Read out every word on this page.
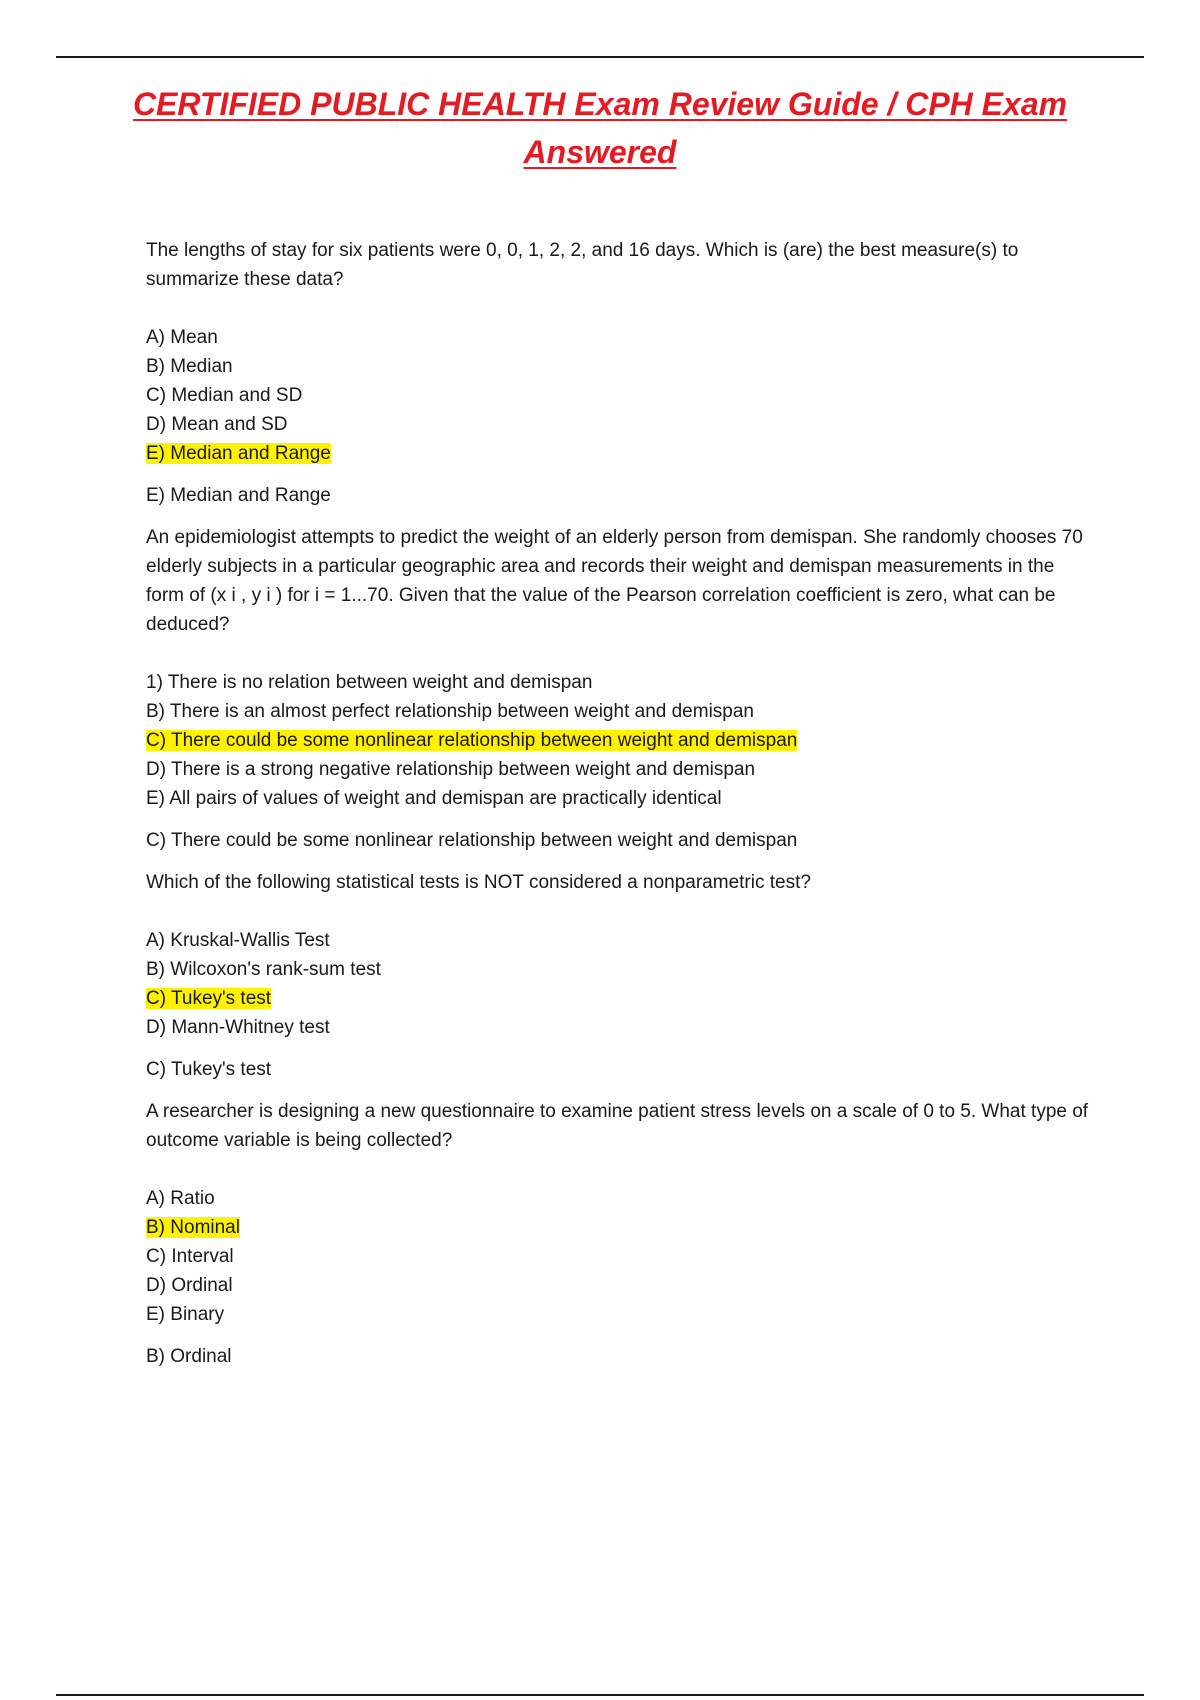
CERTIFIED PUBLIC HEALTH Exam Review Guide / CPH Exam Answered

The lengths of stay for six patients were 0, 0, 1, 2, 2, and 16 days. Which is (are) the best measure(s) to summarize these data?

A) Mean
B) Median
C) Median and SD
D) Mean and SD
E) Median and Range

E) Median and Range

An epidemiologist attempts to predict the weight of an elderly person from demispan. She randomly chooses 70 elderly subjects in a particular geographic area and records their weight and demispan measurements in the form of (x i , y i ) for i = 1...70. Given that the value of the Pearson correlation coefficient is zero, what can be deduced?

1) There is no relation between weight and demispan
B) There is an almost perfect relationship between weight and demispan
C) There could be some nonlinear relationship between weight and demispan
D) There is a strong negative relationship between weight and demispan
E) All pairs of values of weight and demispan are practically identical

C) There could be some nonlinear relationship between weight and demispan

Which of the following statistical tests is NOT considered a nonparametric test?

A) Kruskal-Wallis Test
B) Wilcoxon's rank-sum test
C) Tukey's test
D) Mann-Whitney test

C) Tukey's test

A researcher is designing a new questionnaire to examine patient stress levels on a scale of 0 to 5. What type of outcome variable is being collected?

A) Ratio
B) Nominal
C) Interval
D) Ordinal
E) Binary

B) Ordinal
